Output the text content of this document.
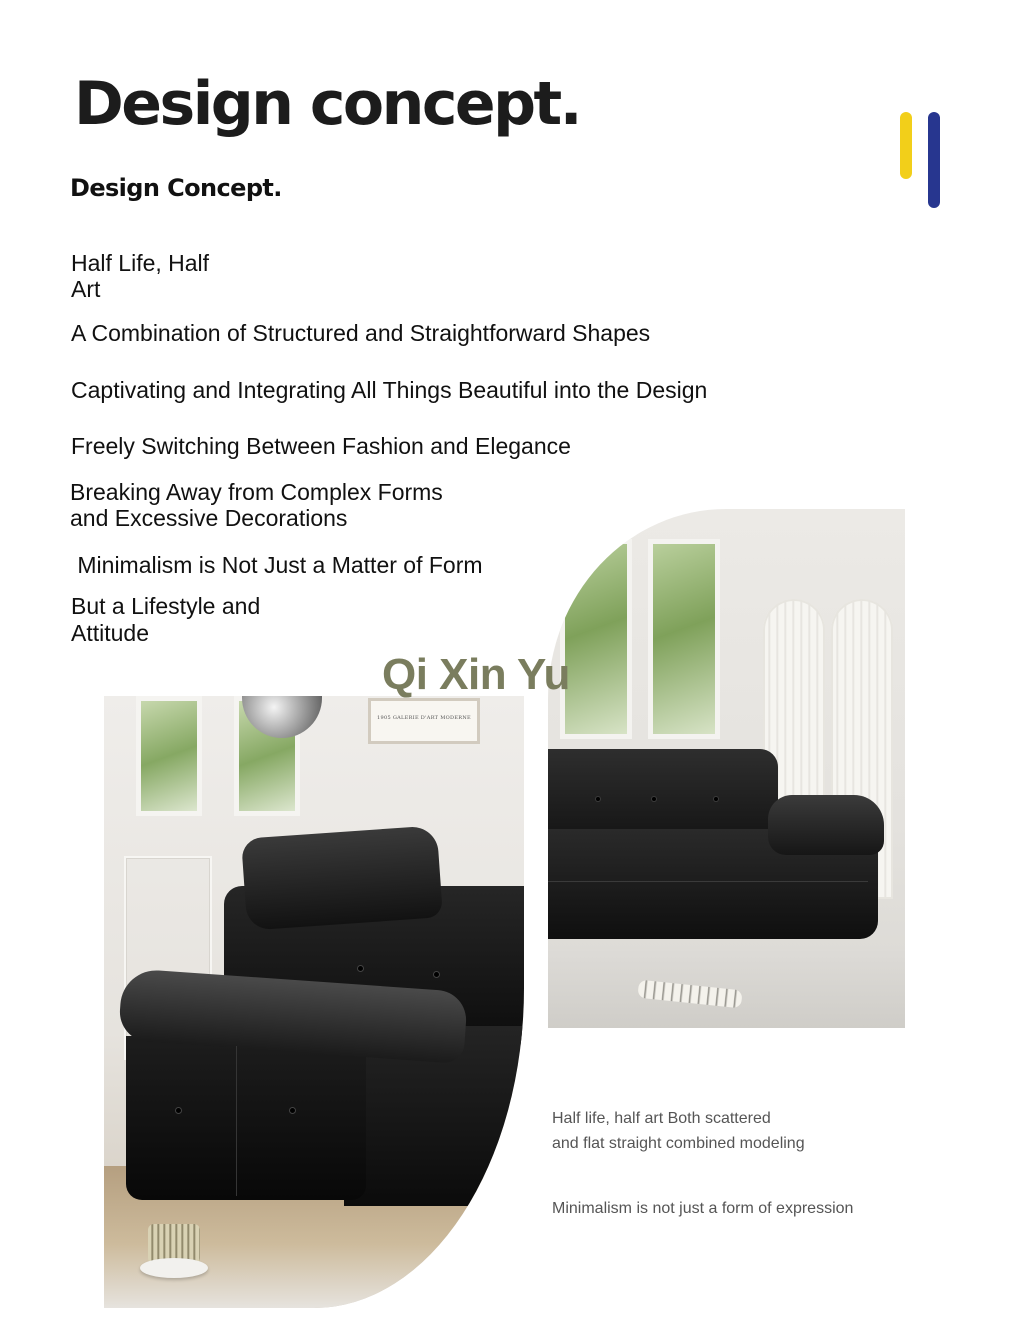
Design concept.
Design Concept.

Half Life, Half

Art

A Combination of Structured and Straightforward Shapes

Captivating and Integrating All Things Beautiful into the Design

Freely Switching Between Fashion and Elegance

Breaking Away from Complex Forms

and Excessive Decorations

Minimalism is Not Just a Matter of Form

But a Lifestyle and

Attitude

1905 GALERIE D'ART MODERNE

Qi Xin Yu

Half life, half art Both scattered

and flat straight combined modeling

Minimalism is not just a form of expression
